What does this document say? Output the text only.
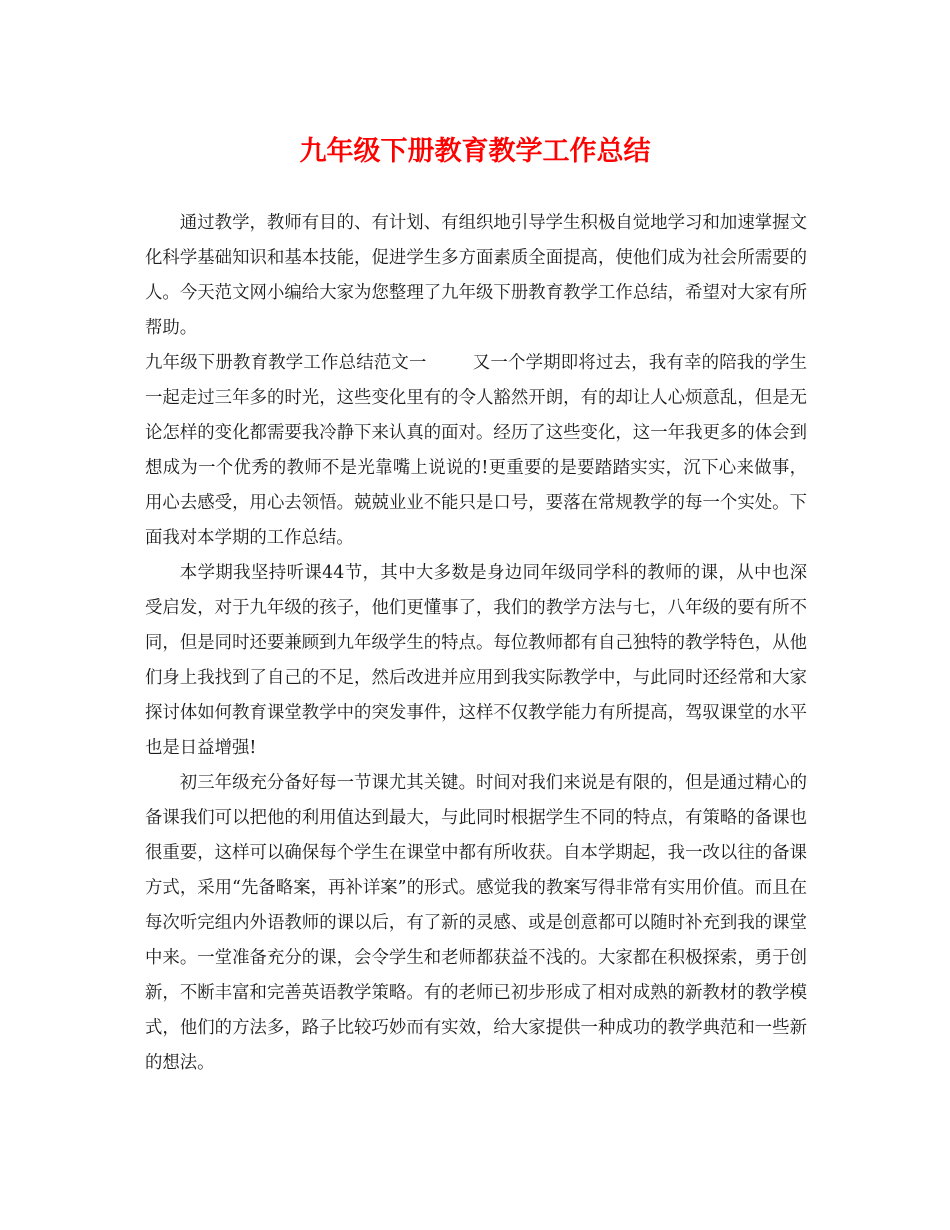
九年级下册教育教学工作总结

通过教学，教师有目的、有计划、有组织地引导学生积极自觉地学习和加速掌握文化科学基础知识和基本技能，促进学生多方面素质全面提高，使他们成为社会所需要的人。今天范文网小编给大家为您整理了九年级下册教育教学工作总结，希望对大家有所帮助。

九年级下册教育教学工作总结范文一	又一个学期即将过去，我有幸的陪我的学生一起走过三年多的时光，这些变化里有的令人豁然开朗，有的却让人心烦意乱，但是无论怎样的变化都需要我冷静下来认真的面对。经历了这些变化，这一年我更多的体会到想成为一个优秀的教师不是光靠嘴上说说的!更重要的是要踏踏实实，沉下心来做事，用心去感受，用心去领悟。兢兢业业不能只是口号，要落在常规教学的每一个实处。下面我对本学期的工作总结。

本学期我坚持听课44节，其中大多数是身边同年级同学科的教师的课，从中也深受启发，对于九年级的孩子，他们更懂事了，我们的教学方法与七，八年级的要有所不同，但是同时还要兼顾到九年级学生的特点。每位教师都有自己独特的教学特色，从他们身上我找到了自己的不足，然后改进并应用到我实际教学中，与此同时还经常和大家探讨体如何教育课堂教学中的突发事件，这样不仅教学能力有所提高，驾驭课堂的水平也是日益增强!

初三年级充分备好每一节课尤其关键。时间对我们来说是有限的，但是通过精心的备课我们可以把他的利用值达到最大，与此同时根据学生不同的特点，有策略的备课也很重要，这样可以确保每个学生在课堂中都有所收获。自本学期起，我一改以往的备课方式，采用“先备略案，再补详案”的形式。感觉我的教案写得非常有实用价值。而且在每次听完组内外语教师的课以后，有了新的灵感、或是创意都可以随时补充到我的课堂中来。一堂准备充分的课，会令学生和老师都获益不浅的。大家都在积极探索，勇于创新，不断丰富和完善英语教学策略。有的老师已初步形成了相对成熟的新教材的教学模式，他们的方法多，路子比较巧妙而有实效，给大家提供一种成功的教学典范和一些新的想法。
